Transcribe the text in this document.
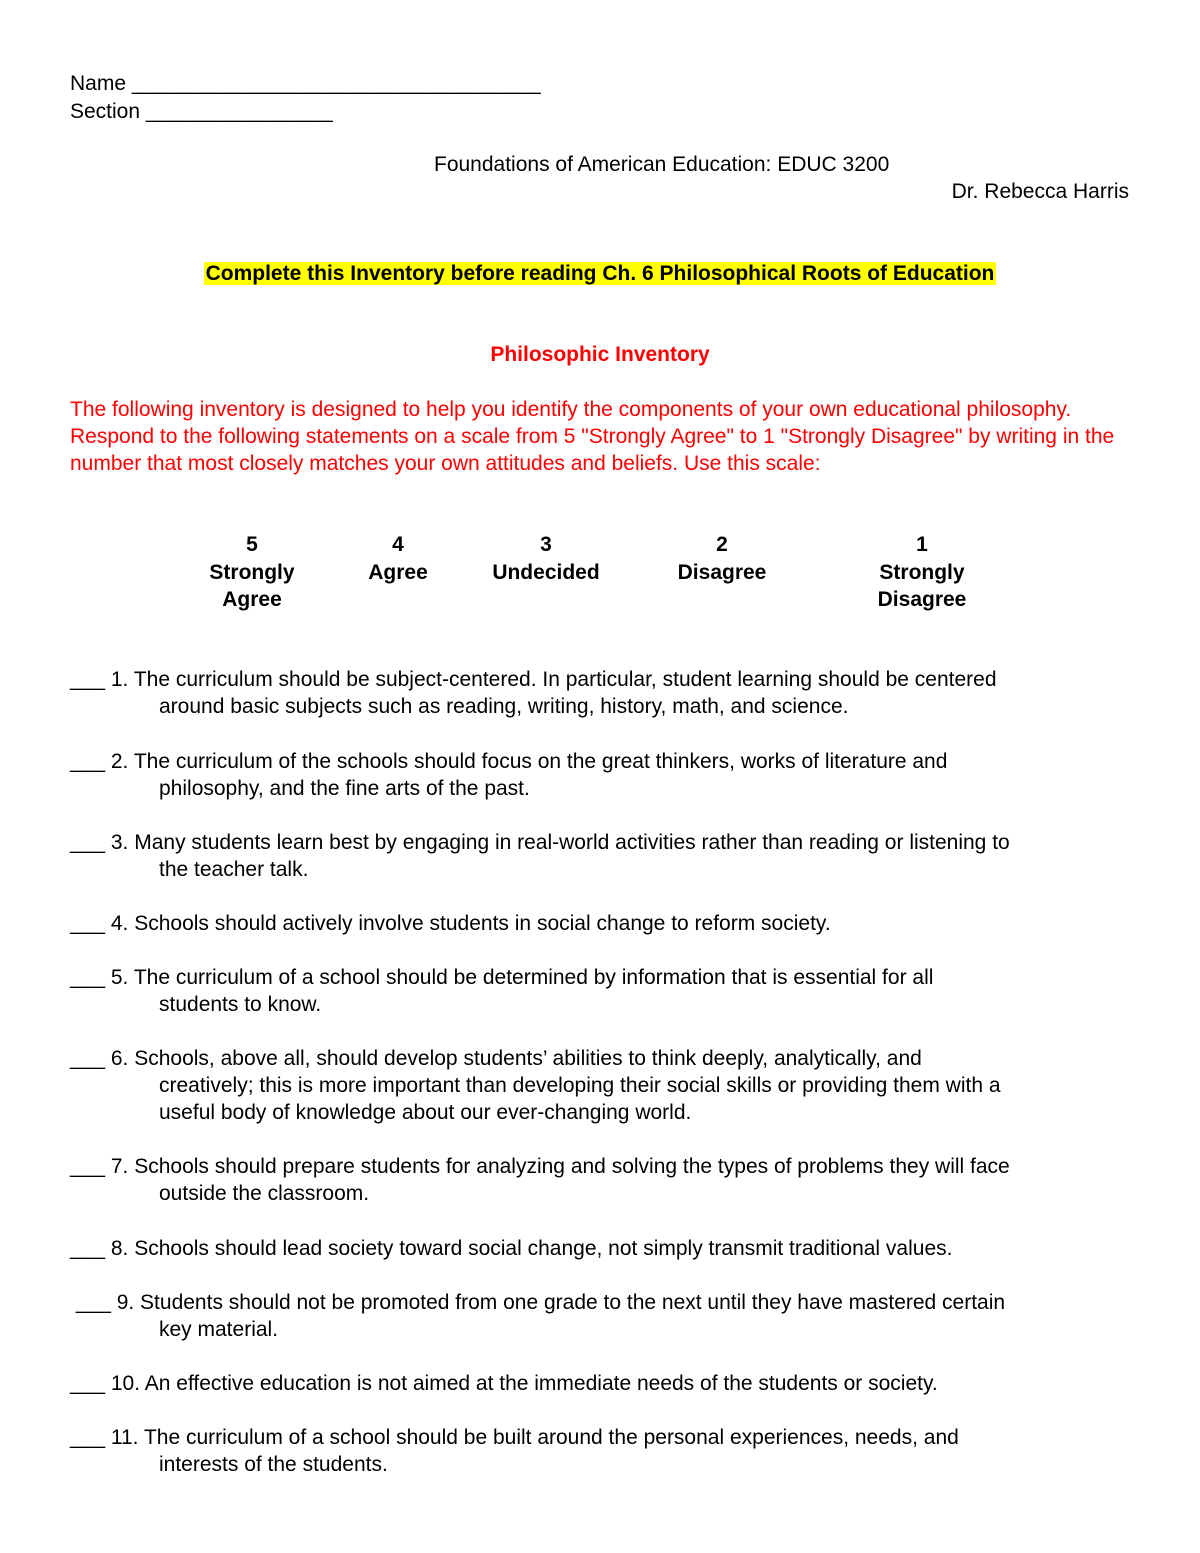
Name ___________________________________
Section ________________
Foundations of American Education: EDUC 3200
Dr. Rebecca Harris
Complete this Inventory before reading Ch. 6 Philosophical Roots of Education
Philosophic Inventory
The following inventory is designed to help you identify the components of your own educational philosophy. Respond to the following statements on a scale from 5 "Strongly Agree" to 1 "Strongly Disagree" by writing in the number that most closely matches your own attitudes and beliefs. Use this scale:
5
Strongly
Agree
4
Agree
3
Undecided
2
Disagree
1
Strongly
Disagree
___ 1. The curriculum should be subject-centered. In particular, student learning should be centered
around basic subjects such as reading, writing, history, math, and science.
___ 2. The curriculum of the schools should focus on the great thinkers, works of literature and
philosophy, and the fine arts of the past.
___ 3. Many students learn best by engaging in real-world activities rather than reading or listening to
the teacher talk.
___ 4. Schools should actively involve students in social change to reform society.
___ 5. The curriculum of a school should be determined by information that is essential for all
students to know.
___ 6. Schools, above all, should develop students’ abilities to think deeply, analytically, and
creatively; this is more important than developing their social skills or providing them with a
useful body of knowledge about our ever-changing world.
___ 7. Schools should prepare students for analyzing and solving the types of problems they will face
outside the classroom.
___ 8. Schools should lead society toward social change, not simply transmit traditional values.
___ 9. Students should not be promoted from one grade to the next until they have mastered certain
key material.
___ 10. An effective education is not aimed at the immediate needs of the students or society.
___ 11. The curriculum of a school should be built around the personal experiences, needs, and
interests of the students.
